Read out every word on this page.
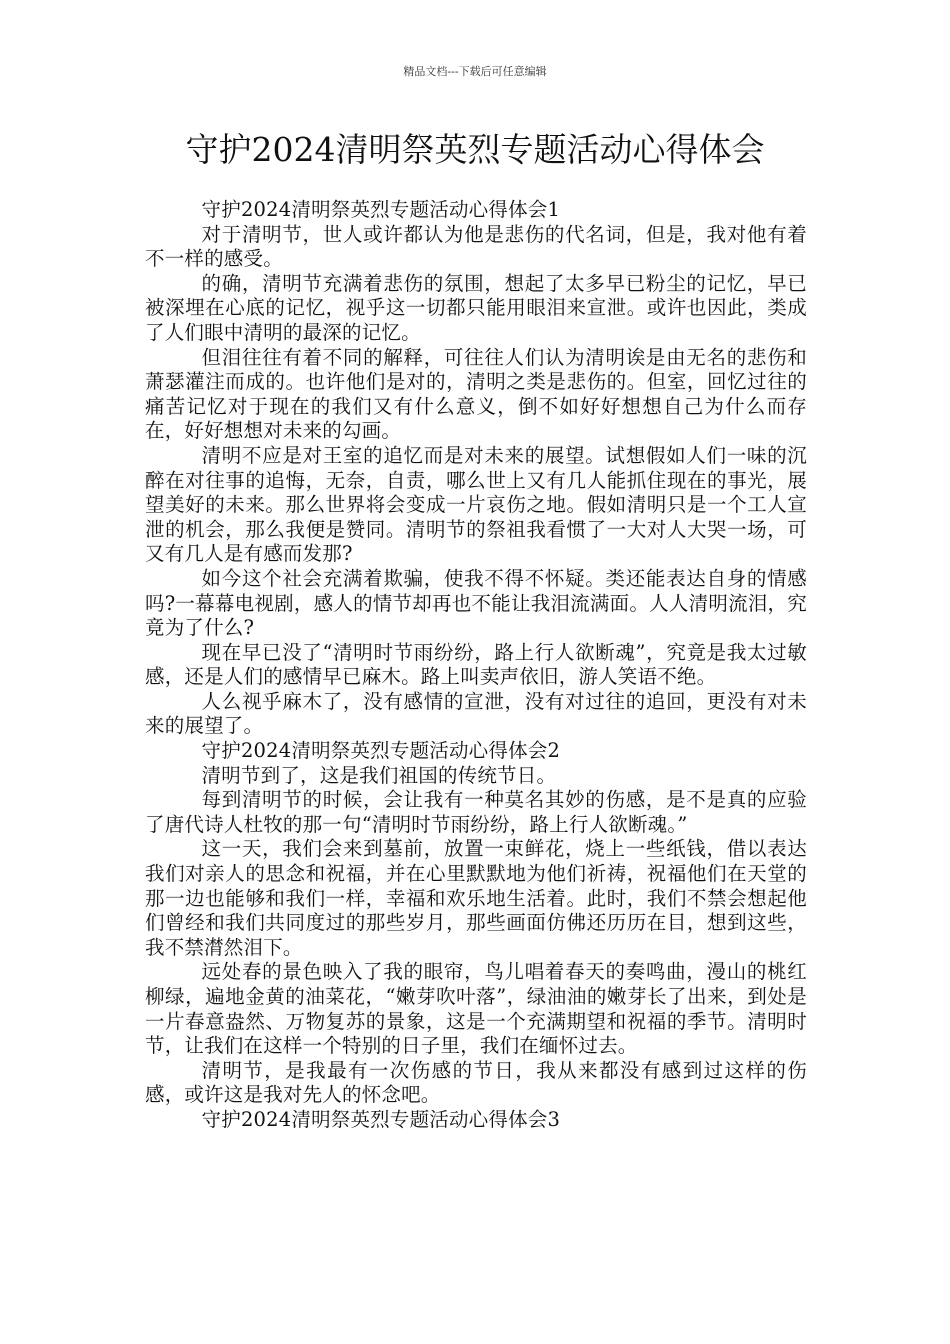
精品文档---下载后可任意编辑
守护2024清明祭英烈专题活动心得体会

守护2024清明祭英烈专题活动心得体会1

对于清明节，世人或许都认为他是悲伤的代名词，但是，我对他有着不一样的感受。

的确，清明节充满着悲伤的氛围，想起了太多早已粉尘的记忆，早已被深埋在心底的记忆，视乎这一切都只能用眼泪来宣泄。或许也因此，类成了人们眼中清明的最深的记忆。

但泪往往有着不同的解释，可往往人们认为清明诶是由无名的悲伤和萧瑟灌注而成的。也许他们是对的，清明之类是悲伤的。但室，回忆过往的痛苦记忆对于现在的我们又有什么意义，倒不如好好想想自己为什么而存在，好好想想对未来的勾画。

清明不应是对王室的追忆而是对未来的展望。试想假如人们一味的沉醉在对往事的追悔，无奈，自责，哪么世上又有几人能抓住现在的事光，展望美好的未来。那么世界将会变成一片哀伤之地。假如清明只是一个工人宣泄的机会，那么我便是赞同。清明节的祭祖我看惯了一大对人大哭一场，可又有几人是有感而发那?

如今这个社会充满着欺骗，使我不得不怀疑。类还能表达自身的情感吗?一幕幕电视剧，感人的情节却再也不能让我泪流满面。人人清明流泪，究竟为了什么?

现在早已没了“清明时节雨纷纷，路上行人欲断魂”，究竟是我太过敏感，还是人们的感情早已麻木。路上叫卖声依旧，游人笑语不绝。

人么视乎麻木了，没有感情的宣泄，没有对过往的追回，更没有对未来的展望了。

守护2024清明祭英烈专题活动心得体会2

清明节到了，这是我们祖国的传统节日。

每到清明节的时候，会让我有一种莫名其妙的伤感，是不是真的应验了唐代诗人杜牧的那一句“清明时节雨纷纷，路上行人欲断魂。”

这一天，我们会来到墓前，放置一束鲜花，烧上一些纸钱，借以表达我们对亲人的思念和祝福，并在心里默默地为他们祈祷，祝福他们在天堂的那一边也能够和我们一样，幸福和欢乐地生活着。此时，我们不禁会想起他们曾经和我们共同度过的那些岁月，那些画面仿佛还历历在目，想到这些，我不禁潸然泪下。

远处春的景色映入了我的眼帘，鸟儿唱着春天的奏鸣曲，漫山的桃红柳绿，遍地金黄的油菜花，“嫩芽吹叶落”，绿油油的嫩芽长了出来，到处是一片春意盎然、万物复苏的景象，这是一个充满期望和祝福的季节。清明时节，让我们在这样一个特别的日子里，我们在缅怀过去。

清明节，是我最有一次伤感的节日，我从来都没有感到过这样的伤感，或许这是我对先人的怀念吧。

守护2024清明祭英烈专题活动心得体会3
